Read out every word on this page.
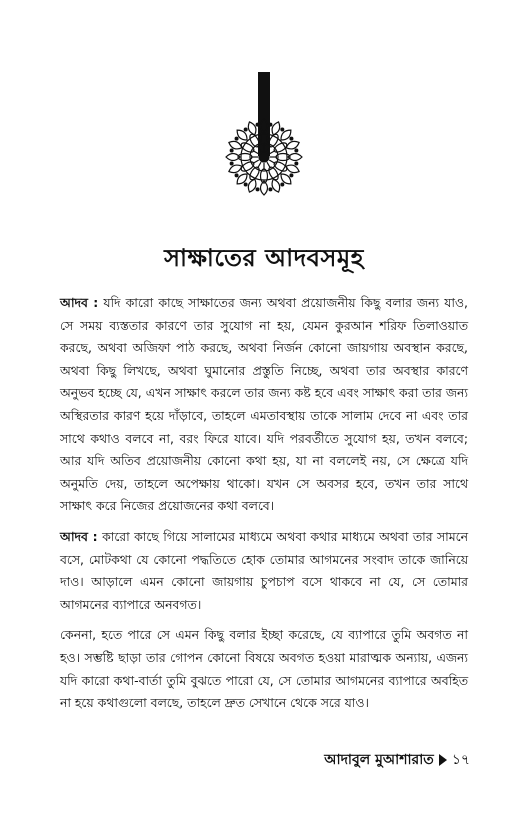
সাক্ষাতের আদবসমূহ

আদব : যদি কারো কাছে সাক্ষাতের জন্য অথবা প্রয়োজনীয় কিছু বলার জন্য যাও, সে সময় ব্যস্ততার কারণে তার সুযোগ না হয়, যেমন কুরআন শরিফ তিলাওয়াত করছে, অথবা অজিফা পাঠ করছে, অথবা নির্জন কোনো জায়গায় অবস্থান করছে, অথবা কিছু লিখছে, অথবা ঘুমানোর প্রস্তুতি নিচ্ছে, অথবা তার অবস্থার কারণে অনুভব হচ্ছে যে, এখন সাক্ষাৎ করলে তার জন্য কষ্ট হবে এবং সাক্ষাৎ করা তার জন্য অস্থিরতার কারণ হয়ে দাঁড়াবে, তাহলে এমতাবস্থায় তাকে সালাম দেবে না এবং তার সাথে কথাও বলবে না, বরং ফিরে যাবে। যদি পরবর্তীতে সুযোগ হয়, তখন বলবে; আর যদি অতিব প্রয়োজনীয় কোনো কথা হয়, যা না বললেই নয়, সে ক্ষেত্রে যদি অনুমতি দেয়, তাহলে অপেক্ষায় থাকো। যখন সে অবসর হবে, তখন তার সাথে সাক্ষাৎ করে নিজের প্রয়োজনের কথা বলবে।

আদব : কারো কাছে গিয়ে সালামের মাধ্যমে অথবা কথার মাধ্যমে অথবা তার সামনে বসে, মোটকথা যে কোনো পদ্ধতিতে হোক তোমার আগমনের সংবাদ তাকে জানিয়ে দাও। আড়ালে এমন কোনো জায়গায় চুপচাপ বসে থাকবে না যে, সে তোমার আগমনের ব্যাপারে অনবগত।

কেননা, হতে পারে সে এমন কিছু বলার ইচ্ছা করেছে, যে ব্যাপারে তুমি অবগত না হও। সম্ভষ্টি ছাড়া তার গোপন কোনো বিষয়ে অবগত হওয়া মারাত্মক অন্যায়, এজন্য যদি কারো কথা-বার্তা তুমি বুঝতে পারো যে, সে তোমার আগমনের ব্যাপারে অবহিত না হয়ে কথাগুলো বলছে, তাহলে দ্রুত সেখানে থেকে সরে যাও।

আদাবুল মুআশারাত ১৭
